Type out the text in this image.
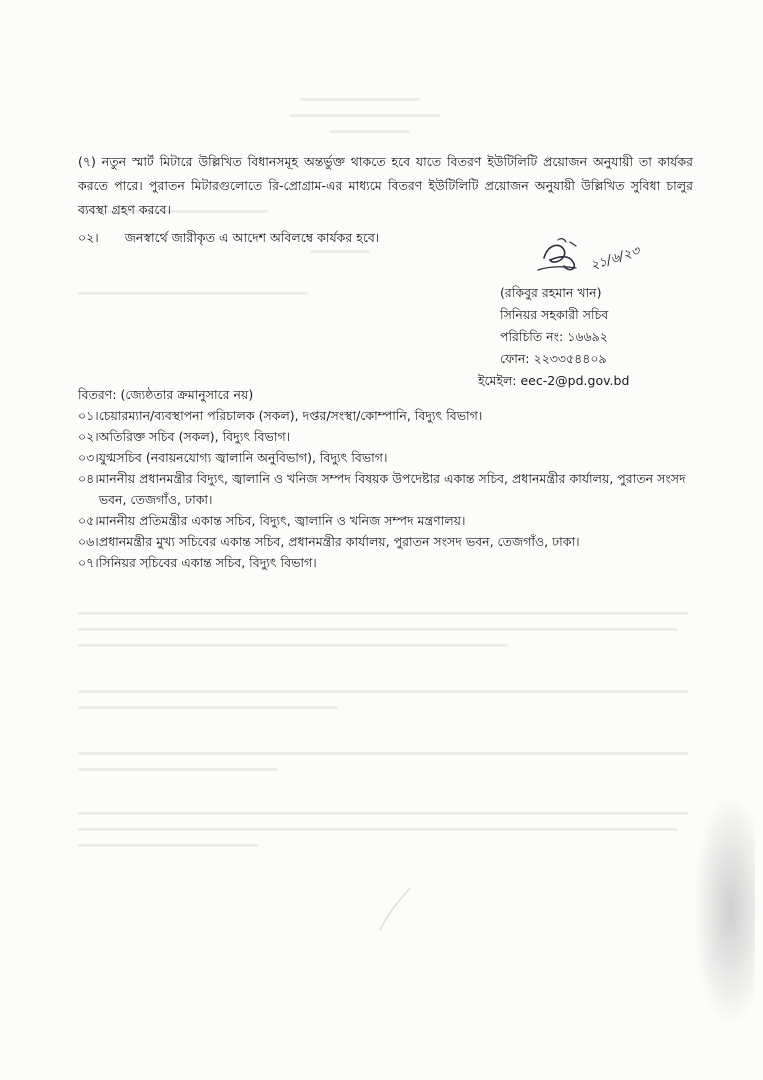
(৭) নতুন স্মার্ট মিটারে উল্লিখিত বিধানসমূহ অন্তর্ভুক্ত থাকতে হবে যাতে বিতরণ ইউটিলিটি প্রয়োজন অনুযায়ী তা কার্যকর করতে পারে। পুরাতন মিটারগুলোতে রি-প্রোগ্রাম-এর মাধ্যমে বিতরণ ইউটিলিটি প্রয়োজন অনুযায়ী উল্লিখিত সুবিধা চালুর ব্যবস্থা গ্রহণ করবে।
০২। জনস্বার্থে জারীকৃত এ আদেশ অবিলম্বে কার্যকর হবে।
২১/৬/২৩
(রকিবুর রহমান খান)
সিনিয়র সহকারী সচিব
পরিচিতি নং: ১৬৬৯২
ফোন: ২২৩৩৫৪৪০৯
ইমেইল: eec-2@pd.gov.bd
বিতরণ: (জ্যেষ্ঠতার ক্রমানুসারে নয়)
০১। চেয়ারম্যান/ব্যবস্থাপনা পরিচালক (সকল), দপ্তর/সংস্থা/কোম্পানি, বিদ্যুৎ বিভাগ।
০২। অতিরিক্ত সচিব (সকল), বিদ্যুৎ বিভাগ।
০৩। যুগ্মসচিব (নবায়নযোগ্য জ্বালানি অনুবিভাগ), বিদ্যুৎ বিভাগ।
০৪। মাননীয় প্রধানমন্ত্রীর বিদ্যুৎ, জ্বালানি ও খনিজ সম্পদ বিষয়ক উপদেষ্টার একান্ত সচিব, প্রধানমন্ত্রীর কার্যালয়, পুরাতন সংসদ ভবন, তেজগাঁও, ঢাকা।
০৫। মাননীয় প্রতিমন্ত্রীর একান্ত সচিব, বিদ্যুৎ, জ্বালানি ও খনিজ সম্পদ মন্ত্রণালয়।
০৬। প্রধানমন্ত্রীর মুখ্য সচিবের একান্ত সচিব, প্রধানমন্ত্রীর কার্যালয়, পুরাতন সংসদ ভবন, তেজগাঁও, ঢাকা।
০৭। সিনিয়র সচিবের একান্ত সচিব, বিদ্যুৎ বিভাগ।
